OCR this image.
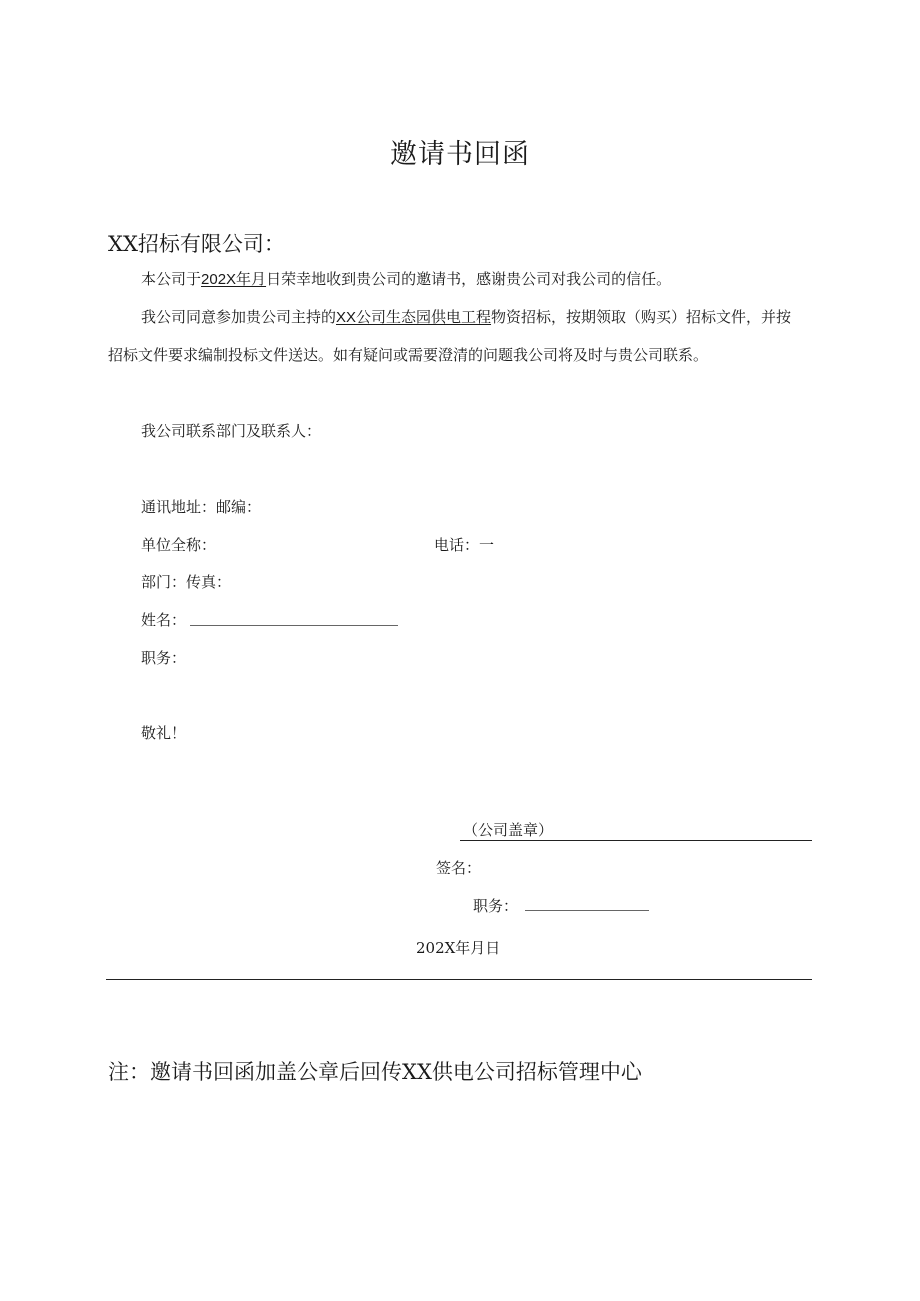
邀请书回函
XX招标有限公司：
本公司于202X年月日荣幸地收到贵公司的邀请书，感谢贵公司对我公司的信任。
我公司同意参加贵公司主持的XX公司生态园供电工程物资招标，按期领取（购买）招标文件，并按
招标文件要求编制投标文件送达。如有疑问或需要澄清的问题我公司将及时与贵公司联系。
我公司联系部门及联系人：
通讯地址：邮编：
单位全称：	电话：一
部门：传真：
姓名：
职务：
敬礼！
（公司盖章）
签名：
职务：
202X年月日
注：邀请书回函加盖公章后回传XX供电公司招标管理中心
